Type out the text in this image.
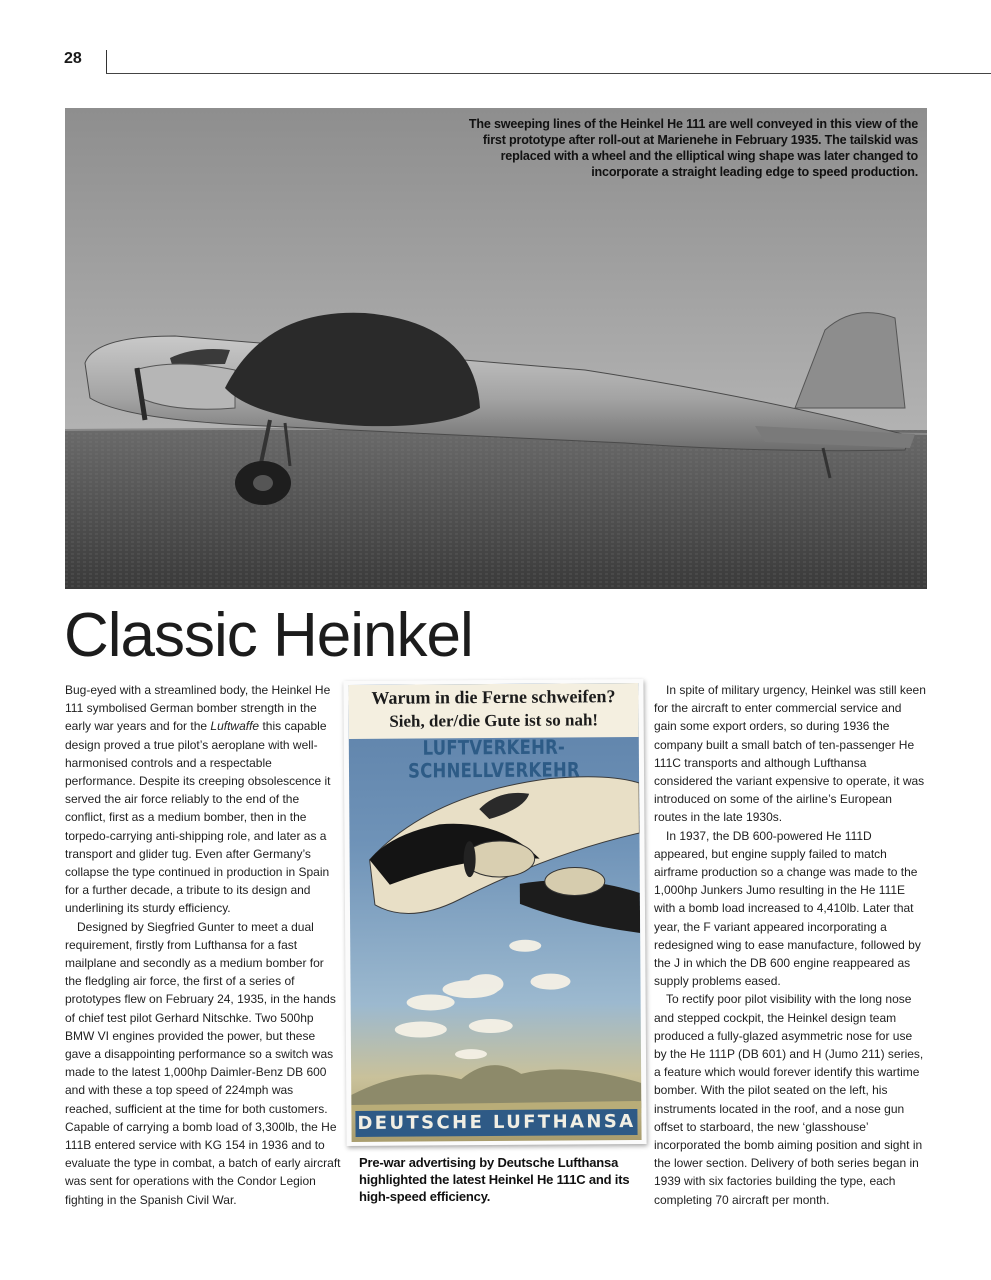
28
The sweeping lines of the Heinkel He 111 are well conveyed in this view of the first prototype after roll-out at Marienehe in February 1935. The tailskid was replaced with a wheel and the elliptical wing shape was later changed to incorporate a straight leading edge to speed production.
Classic Heinkel

Bug-eyed with a streamlined body, the Heinkel He 111 symbolised German bomber strength in the early war years and for the Luftwaffe this capable design proved a true pilot’s aeroplane with well-harmonised controls and a respectable performance. Despite its creeping obsolescence it served the air force reliably to the end of the conflict, first as a medium bomber, then in the torpedo-carrying anti-shipping role, and later as a transport and glider tug. Even after Germany’s collapse the type continued in production in Spain for a further decade, a tribute to its design and underlining its sturdy efficiency.

Designed by Siegfried Gunter to meet a dual requirement, firstly from Lufthansa for a fast mailplane and secondly as a medium bomber for the fledgling air force, the first of a series of prototypes flew on February 24, 1935, in the hands of chief test pilot Gerhard Nitschke. Two 500hp BMW VI engines provided the power, but these gave a disappointing performance so a switch was made to the latest 1,000hp Daimler-Benz DB 600 and with these a top speed of 224mph was reached, sufficient at the time for both customers. Capable of carrying a bomb load of 3,300lb, the He 111B entered service with KG 154 in 1936 and to evaluate the type in combat, a batch of early aircraft was sent for operations with the Condor Legion fighting in the Spanish Civil War.

Warum in die Ferne schweifen?
Sieh, der/die Gute ist so nah!
LUFTVERKEHR-SCHNELLVERKEHR
DEUTSCHE LUFTHANSA
Pre-war advertising by Deutsche Lufthansa highlighted the latest Heinkel He 111C and its high-speed efficiency.

In spite of military urgency, Heinkel was still keen for the aircraft to enter commercial service and gain some export orders, so during 1936 the company built a small batch of ten-passenger He 111C transports and although Lufthansa considered the variant expensive to operate, it was introduced on some of the airline’s European routes in the late 1930s.

In 1937, the DB 600-powered He 111D appeared, but engine supply failed to match airframe production so a change was made to the 1,000hp Junkers Jumo resulting in the He 111E with a bomb load increased to 4,410lb. Later that year, the F variant appeared incorporating a redesigned wing to ease manufacture, followed by the J in which the DB 600 engine reappeared as supply problems eased.

To rectify poor pilot visibility with the long nose and stepped cockpit, the Heinkel design team produced a fully-glazed asymmetric nose for use by the He 111P (DB 601) and H (Jumo 211) series, a feature which would forever identify this wartime bomber. With the pilot seated on the left, his instruments located in the roof, and a nose gun offset to starboard, the new ‘glasshouse’ incorporated the bomb aiming position and sight in the lower section. Delivery of both series began in 1939 with six factories building the type, each completing 70 aircraft per month.
